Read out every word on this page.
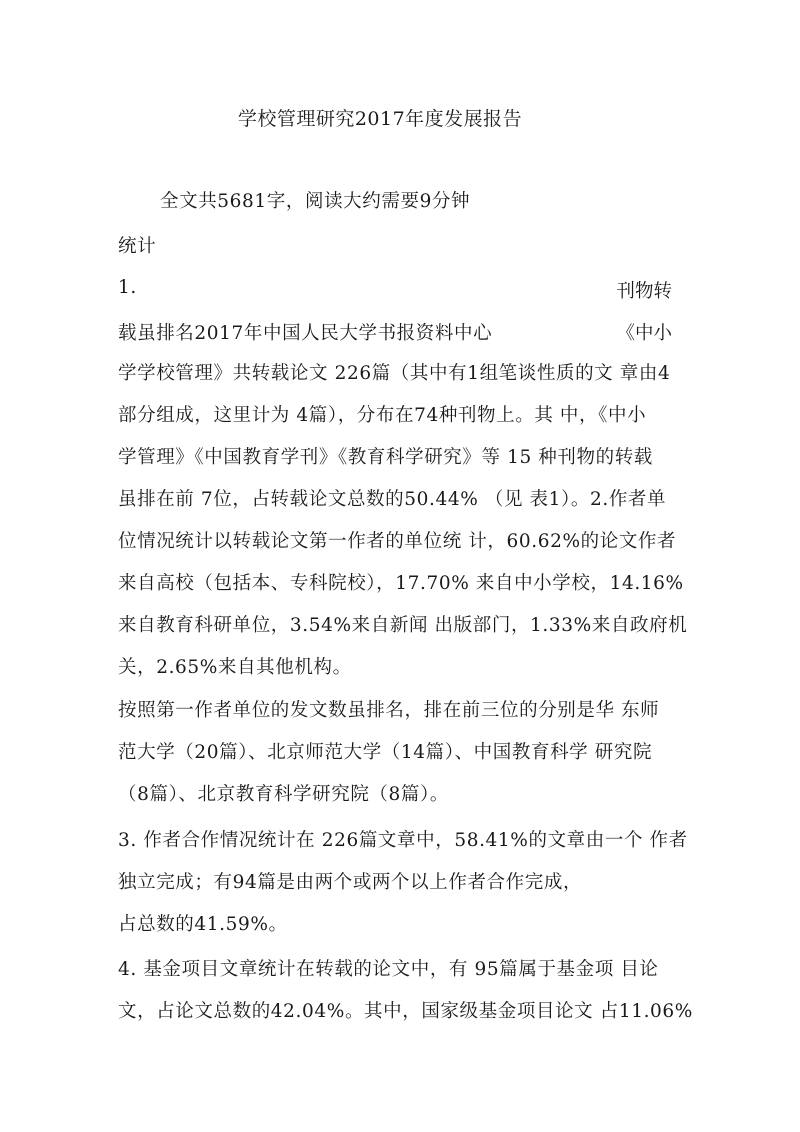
学校管理研究2017年度发展报告
全文共5681字，阅读大约需要9分钟
统计
1.	刊物转
载虽排名2017年中国人民大学书报资料中心	《中小
学学校管理》共转载论文 226篇（其中有1组笔谈性质的文 章由4
部分组成，这里计为 4篇），分布在74种刊物上。其 中，《中小
学管理》《中国教育学刊》《教育科学研究》等 15 种刊物的转载
虽排在前 7位，占转载论文总数的50.44% （见 表1）。2.作者单
位情况统计以转载论文第一作者的单位统 计，60.62%的论文作者
来自高校（包括本、专科院校），17.70% 来自中小学校，14.16%
来自教育科研单位，3.54%来自新闻 出版部门，1.33%来自政府机
关，2.65%来自其他机构。
按照第一作者单位的发文数虽排名，排在前三位的分别是华 东师
范大学（20篇）、北京师范大学（14篇）、中国教育科学 研究院
（8篇）、北京教育科学研究院（8篇）。
3. 作者合作情况统计在 226篇文章中，58.41%的文章由一个 作者
独立完成；有94篇是由两个或两个以上作者合作完成，
占总数的41.59%。
4. 基金项目文章统计在转载的论文中，有 95篇属于基金项 目论
文，占论文总数的42.04%。其中，国家级基金项目论文 占11.06%
